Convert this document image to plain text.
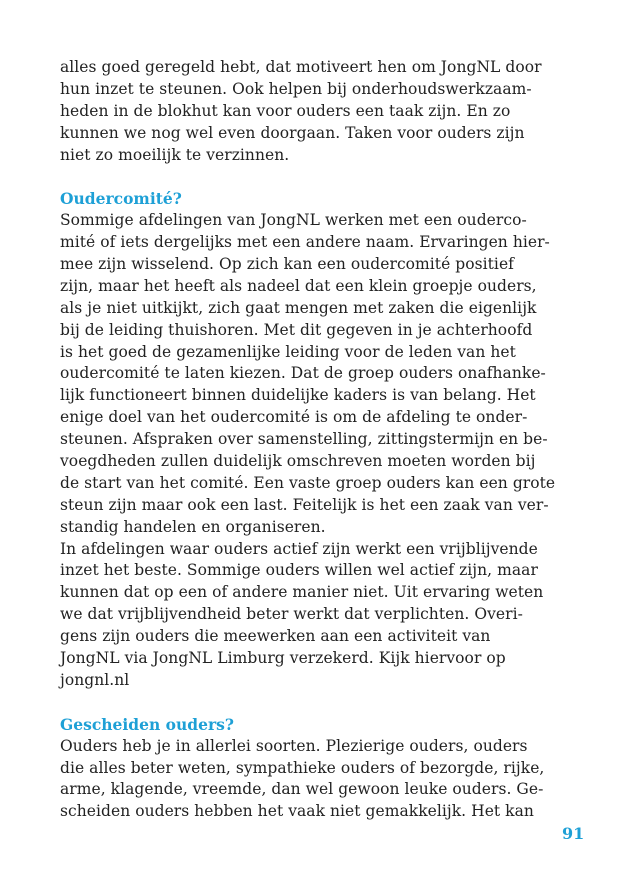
alles goed geregeld hebt, dat motiveert hen om JongNL door
hun inzet te steunen. Ook helpen bij onderhoudswerkzaam-
heden in de blokhut kan voor ouders een taak zijn. En zo
kunnen we nog wel even doorgaan. Taken voor ouders zijn
niet zo moeilijk te verzinnen.
Oudercomité?
Sommige afdelingen van JongNL werken met een ouderco-
mité of iets dergelijks met een andere naam. Ervaringen hier-
mee zijn wisselend. Op zich kan een oudercomité positief
zijn, maar het heeft als nadeel dat een klein groepje ouders,
als je niet uitkijkt, zich gaat mengen met zaken die eigenlijk
bij de leiding thuishoren. Met dit gegeven in je achterhoofd
is het goed de gezamenlijke leiding voor de leden van het
oudercomité te laten kiezen. Dat de groep ouders onafhanke-
lijk functioneert binnen duidelijke kaders is van belang. Het
enige doel van het oudercomité is om de afdeling te onder-
steunen. Afspraken over samenstelling, zittingstermijn en be-
voegdheden zullen duidelijk omschreven moeten worden bij
de start van het comité. Een vaste groep ouders kan een grote
steun zijn maar ook een last. Feitelijk is het een zaak van ver-
standig handelen en organiseren.
In afdelingen waar ouders actief zijn werkt een vrijblijvende
inzet het beste. Sommige ouders willen wel actief zijn, maar
kunnen dat op een of andere manier niet. Uit ervaring weten
we dat vrijblijvendheid beter werkt dat verplichten. Overi-
gens zijn ouders die meewerken aan een activiteit van
JongNL via JongNL Limburg verzekerd. Kijk hiervoor op
jongnl.nl
Gescheiden ouders?
Ouders heb je in allerlei soorten. Plezierige ouders, ouders
die alles beter weten, sympathieke ouders of bezorgde, rijke,
arme, klagende, vreemde, dan wel gewoon leuke ouders. Ge-
scheiden ouders hebben het vaak niet gemakkelijk. Het kan
91
